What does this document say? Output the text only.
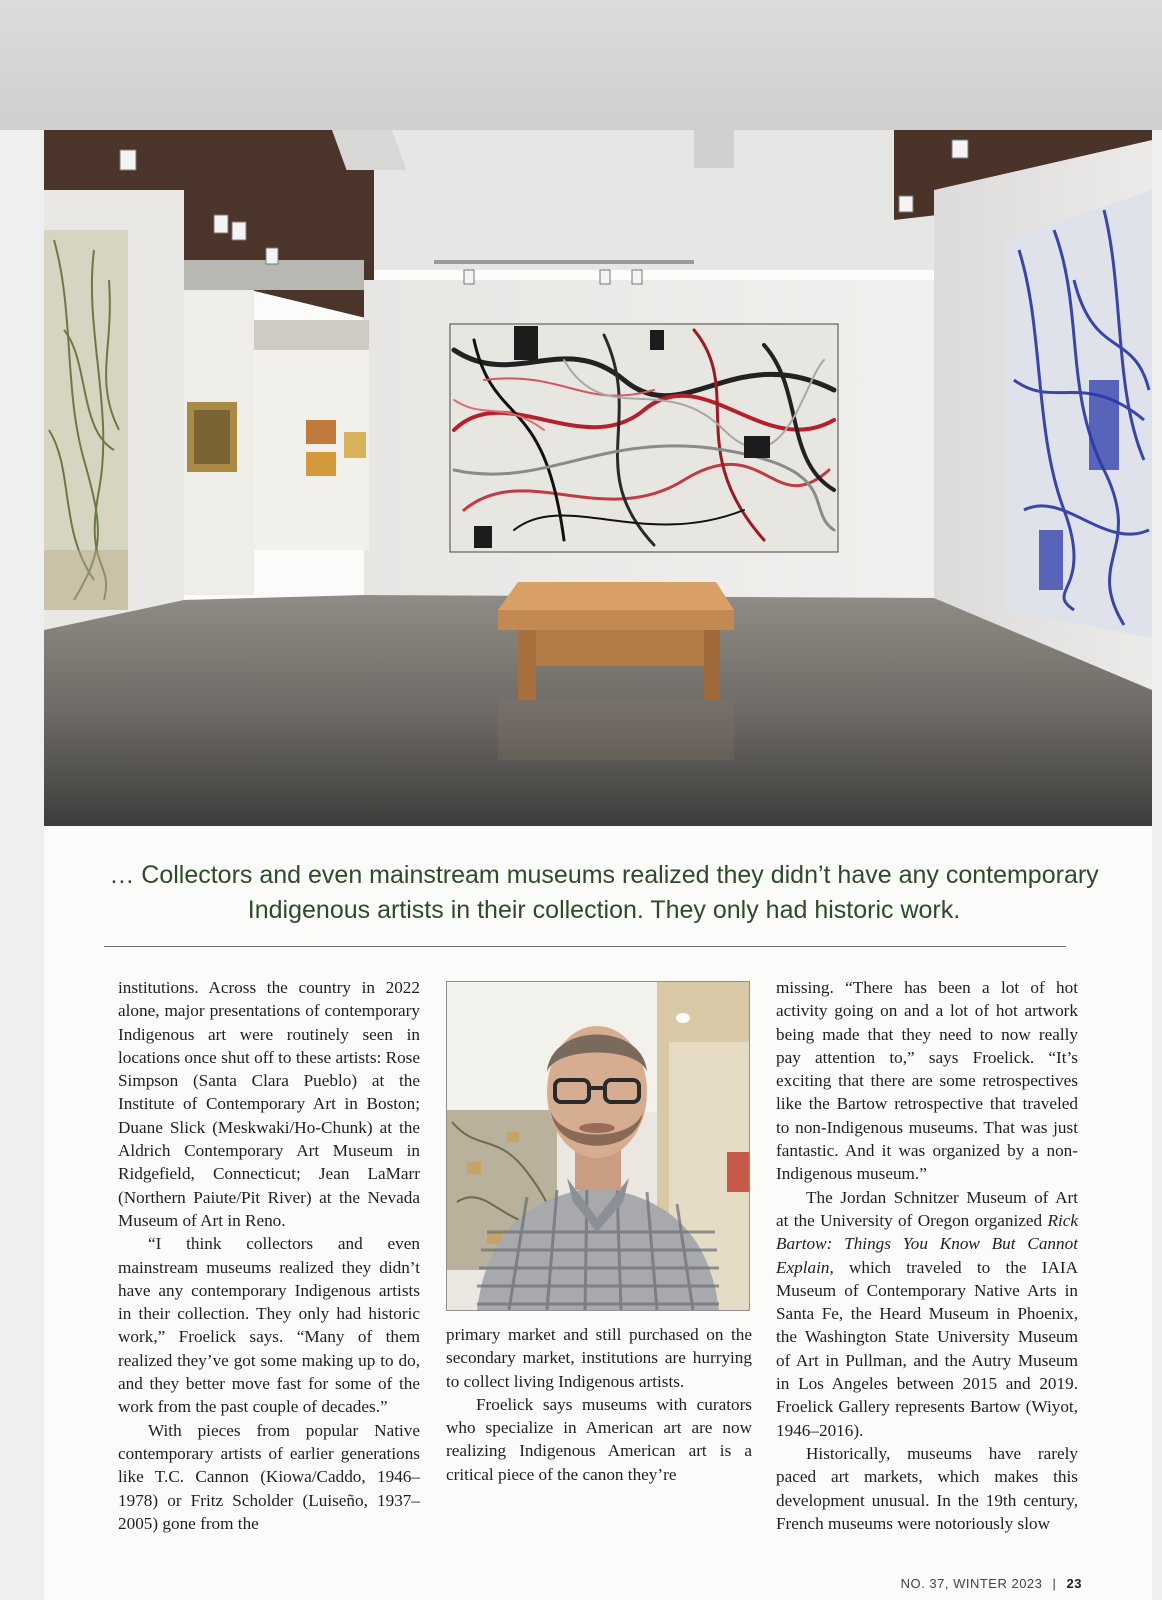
… Collectors and even mainstream museums realized they didn’t have any contemporary Indigenous artists in their collection. They only had historic work.

institutions. Across the country in 2022 alone, major presentations of contemporary Indigenous art were routinely seen in locations once shut off to these artists: Rose Simpson (Santa Clara Pueblo) at the Institute of Contemporary Art in Boston; Duane Slick (Meskwaki/Ho-Chunk) at the Aldrich Contemporary Art Museum in Ridgefield, Connecticut; Jean LaMarr (Northern Paiute/Pit River) at the Nevada Museum of Art in Reno.

“I think collectors and even mainstream museums realized they didn’t have any contemporary Indigenous artists in their collection. They only had historic work,” Froelick says. “Many of them realized they’ve got some making up to do, and they better move fast for some of the work from the past couple of decades.”

With pieces from popular Native contemporary artists of earlier generations like T.C. Cannon (Kiowa/Caddo, 1946–1978) or Fritz Scholder (Luiseño, 1937–2005) gone from the

primary market and still purchased on the secondary market, institutions are hurrying to collect living Indigenous artists.

Froelick says museums with curators who specialize in American art are now realizing Indigenous American art is a critical piece of the canon they’re

missing. “There has been a lot of hot activity going on and a lot of hot artwork being made that they need to now really pay attention to,” says Froelick. “It’s exciting that there are some retrospectives like the Bartow retrospective that traveled to non-Indigenous museums. That was just fantastic. And it was organized by a non-Indigenous museum.”

The Jordan Schnitzer Museum of Art at the University of Oregon organized Rick Bartow: Things You Know But Cannot Explain, which traveled to the IAIA Museum of Contemporary Native Arts in Santa Fe, the Heard Museum in Phoenix, the Washington State University Museum of Art in Pullman, and the Autry Museum in Los Angeles between 2015 and 2019. Froelick Gallery represents Bartow (Wiyot, 1946–2016).

Historically, museums have rarely paced art markets, which makes this development unusual. In the 19th century, French museums were notoriously slow

NO. 37, WINTER 2023 | 23
